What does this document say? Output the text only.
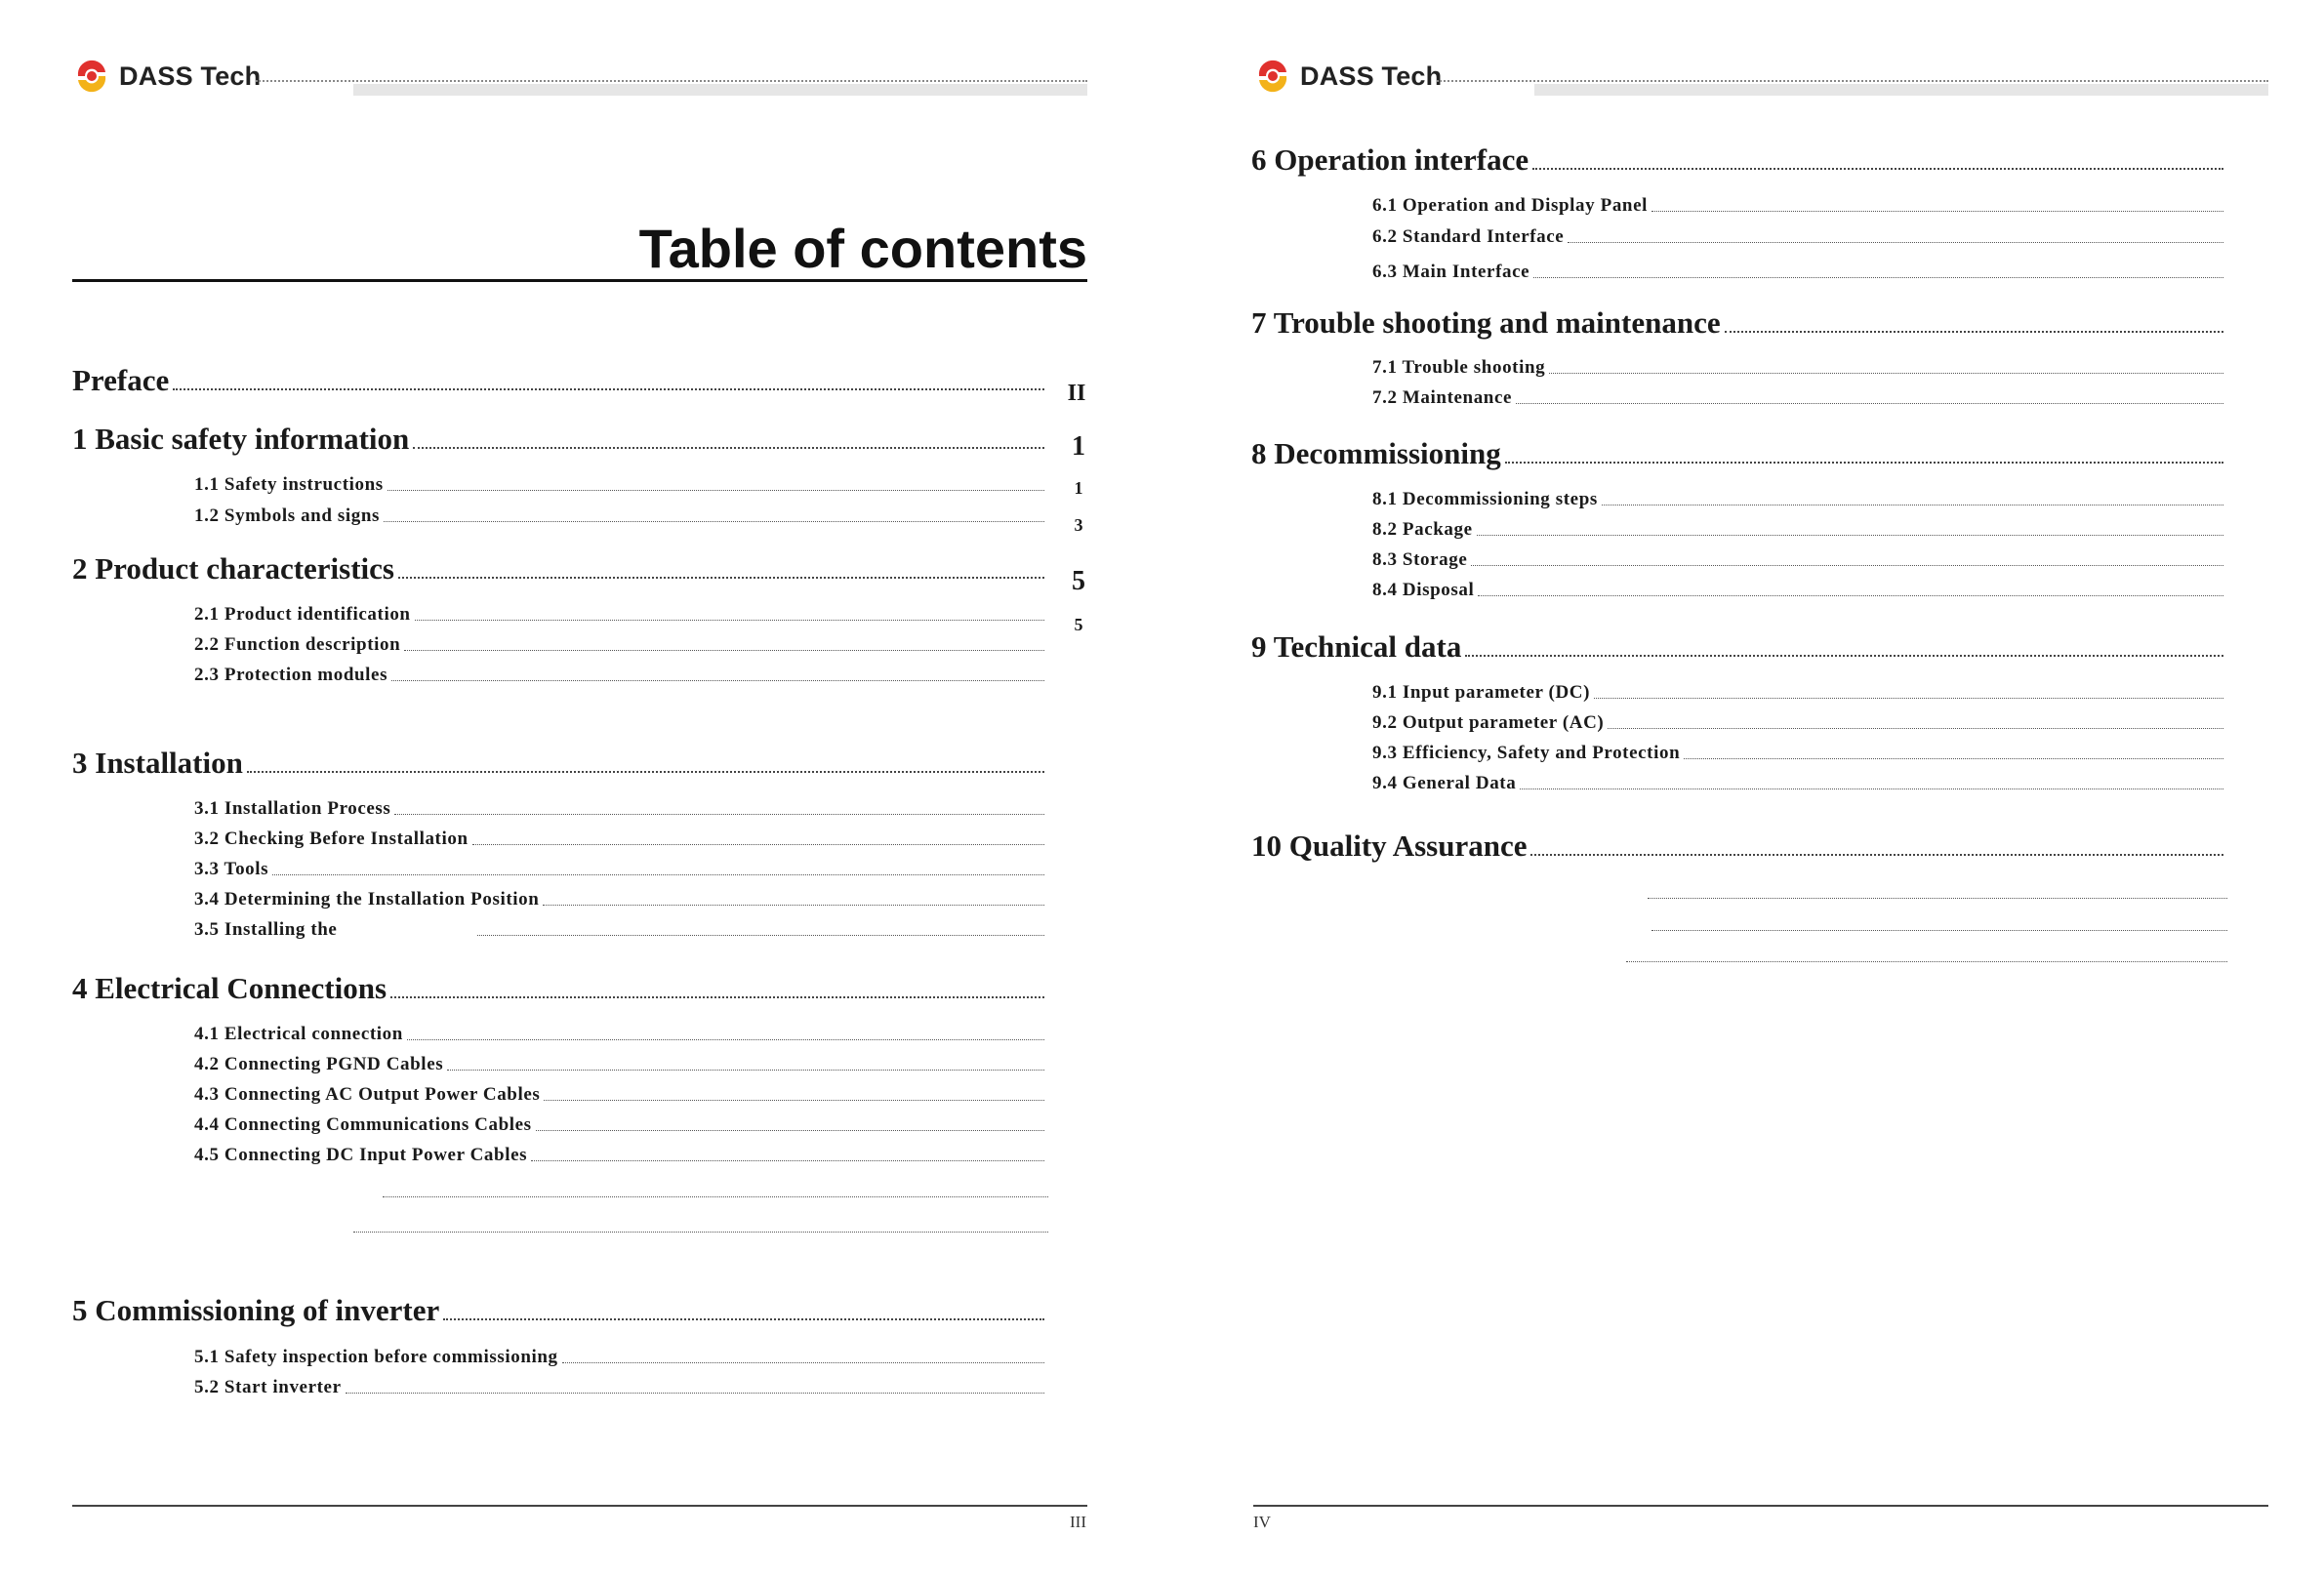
DASS Tech
Table of contents
Preface	II
1 Basic safety information	1
1.1 Safety instructions	1
1.2 Symbols and signs	3
2 Product characteristics	5
2.1 Product identification	5
2.2 Function description
2.3 Protection modules
3 Installation
3.1 Installation Process
3.2 Checking Before Installation
3.3 Tools
3.4 Determining the Installation Position
3.5 Installing the
4 Electrical Connections
4.1 Electrical connection
4.2 Connecting PGND Cables
4.3 Connecting AC Output Power Cables
4.4 Connecting Communications Cables
4.5 Connecting DC Input Power Cables
5 Commissioning of inverter
5.1 Safety inspection before commissioning
5.2 Start inverter
III
DASS Tech
6 Operation interface
6.1 Operation and Display Panel
6.2 Standard Interface
6.3 Main Interface
7 Trouble shooting and maintenance
7.1 Trouble shooting
7.2 Maintenance
8 Decommissioning
8.1 Decommissioning steps
8.2 Package
8.3 Storage
8.4 Disposal
9 Technical data
9.1 Input parameter (DC)
9.2 Output parameter (AC)
9.3 Efficiency, Safety and Protection
9.4 General Data
10 Quality Assurance
IV
